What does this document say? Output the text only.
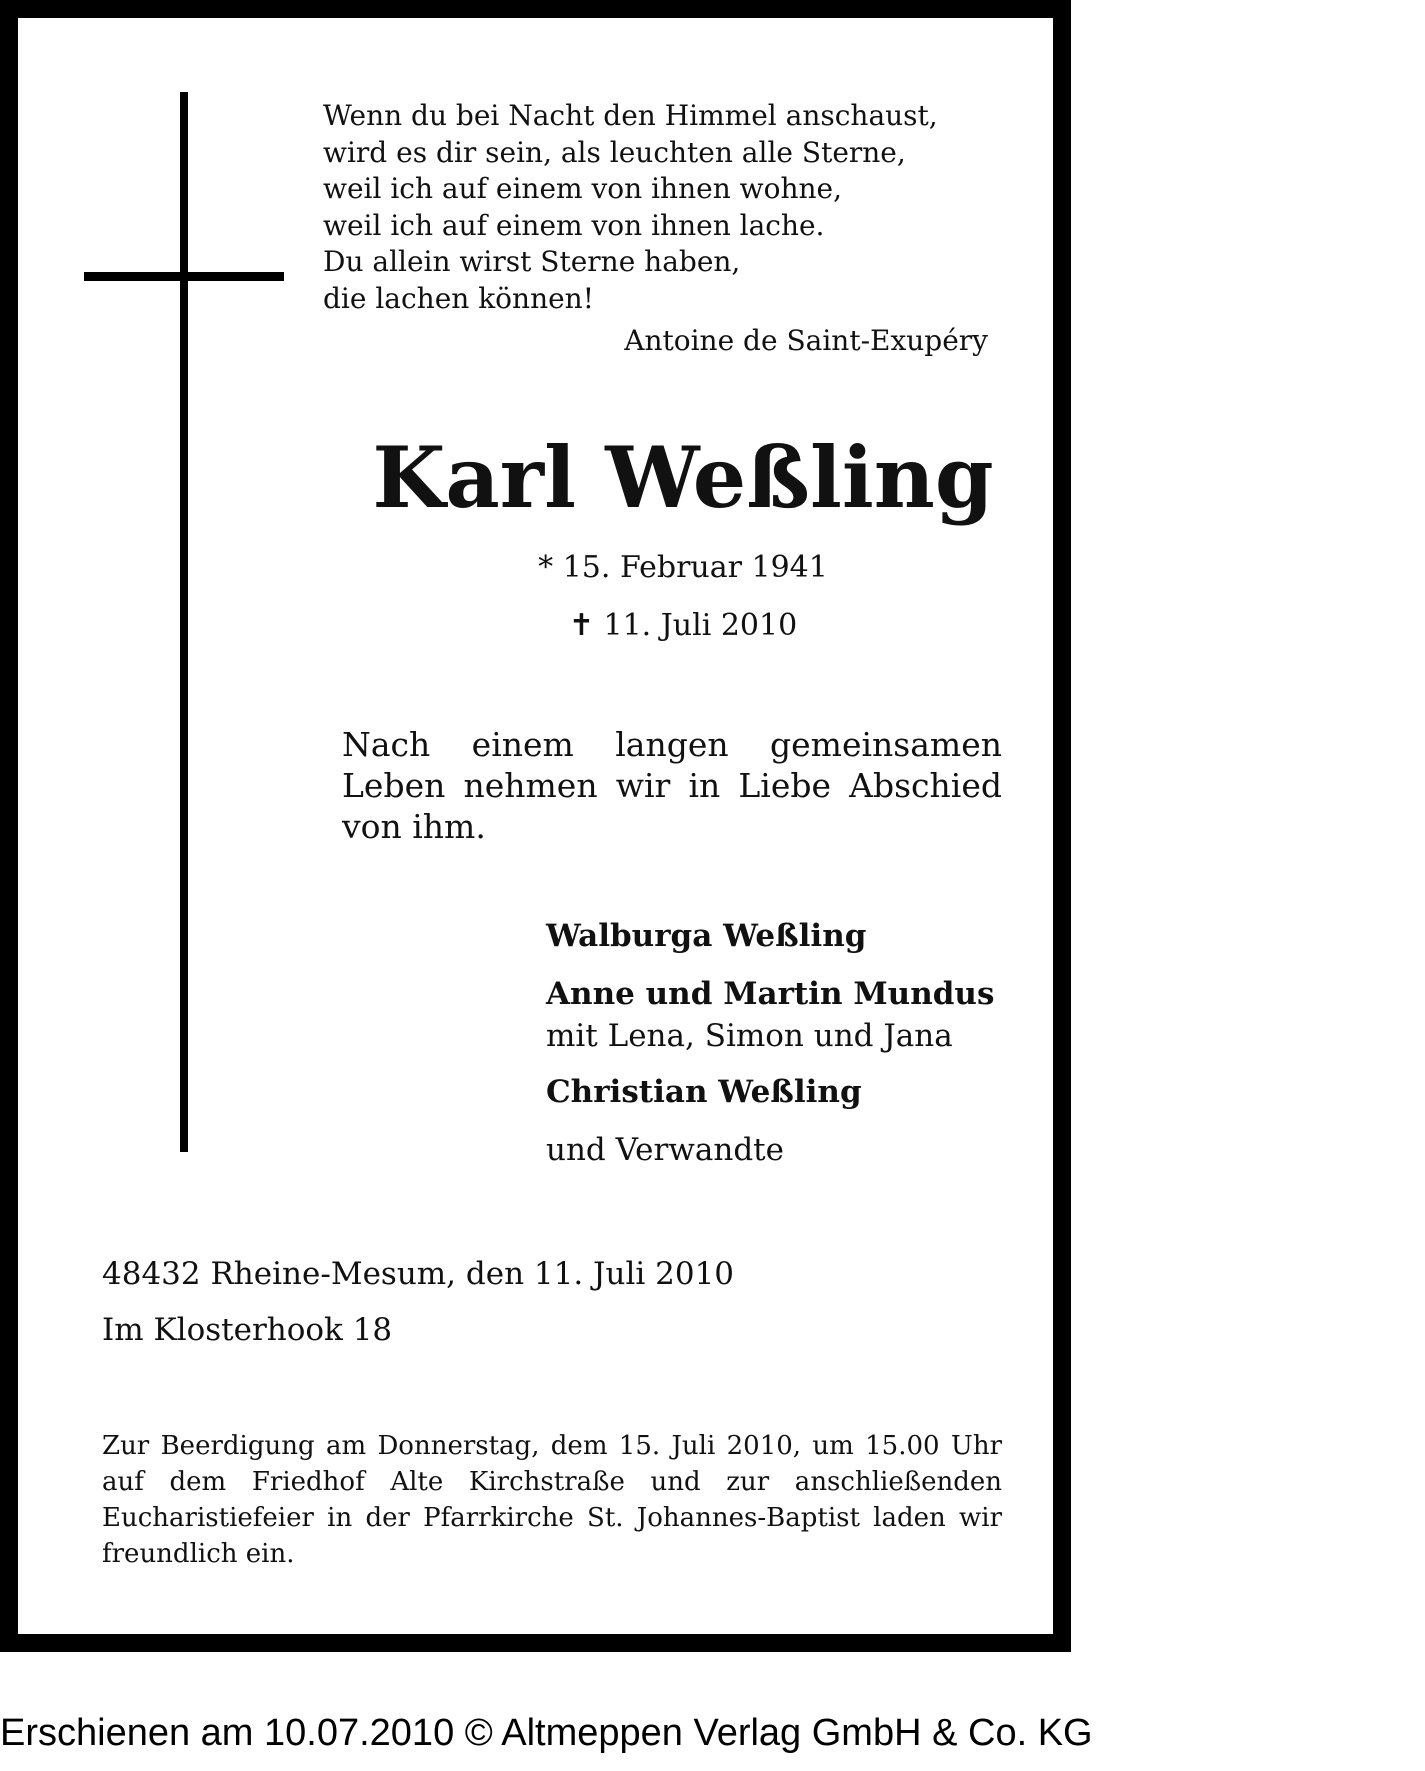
Wenn du bei Nacht den Himmel anschaust,
wird es dir sein, als leuchten alle Sterne,
weil ich auf einem von ihnen wohne,
weil ich auf einem von ihnen lache.
Du allein wirst Sterne haben,
die lachen können!
Antoine de Saint-Exupéry
Karl Weßling
* 15. Februar 1941
✝ 11. Juli 2010
Nach einem langen gemeinsamen Leben nehmen wir in Liebe Abschied von ihm.
Walburga Weßling
Anne und Martin Mundus
mit Lena, Simon und Jana
Christian Weßling
und Verwandte
48432 Rheine-Mesum, den 11. Juli 2010
Im Klosterhook 18
Zur Beerdigung am Donnerstag, dem 15. Juli 2010, um 15.00 Uhr auf dem Friedhof Alte Kirchstraße und zur anschließenden Eucharistiefeier in der Pfarrkirche St. Johannes-Baptist laden wir freundlich ein.
Erschienen am 10.07.2010 © Altmeppen Verlag GmbH & Co. KG
